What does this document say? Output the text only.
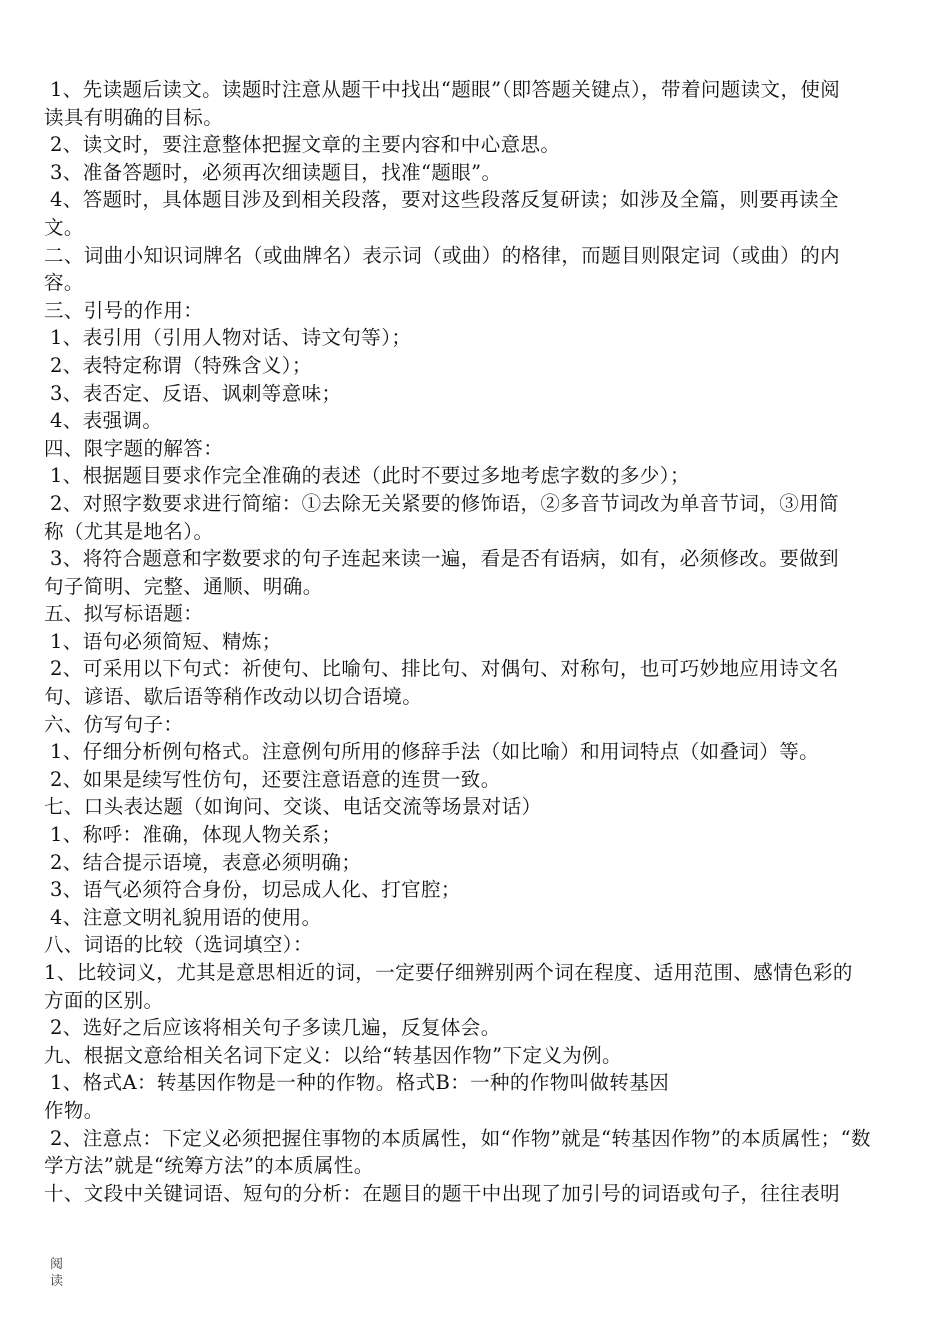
1、先读题后读文。读题时注意从题干中找出“题眼”（即答题关键点），带着问题读文，使阅
读具有明确的目标。
2、读文时，要注意整体把握文章的主要内容和中心意思。
3、准备答题时，必须再次细读题目，找准“题眼”。
4、答题时，具体题目涉及到相关段落，要对这些段落反复研读；如涉及全篇，则要再读全
文。
二、词曲小知识词牌名（或曲牌名）表示词（或曲）的格律，而题目则限定词（或曲）的内
容。
三、引号的作用：
1、表引用（引用人物对话、诗文句等）；
2、表特定称谓（特殊含义）；
3、表否定、反语、讽刺等意味；
4、表强调。
四、限字题的解答：
1、根据题目要求作完全准确的表述（此时不要过多地考虑字数的多少）；
2、对照字数要求进行简缩：①去除无关紧要的修饰语，②多音节词改为单音节词，③用简
称（尤其是地名）。
3、将符合题意和字数要求的句子连起来读一遍，看是否有语病，如有，必须修改。要做到
句子简明、完整、通顺、明确。
五、拟写标语题：
1、语句必须简短、精炼；
2、可采用以下句式：祈使句、比喻句、排比句、对偶句、对称句，也可巧妙地应用诗文名
句、谚语、歇后语等稍作改动以切合语境。
六、仿写句子：
1、仔细分析例句格式。注意例句所用的修辞手法（如比喻）和用词特点（如叠词）等。
2、如果是续写性仿句，还要注意语意的连贯一致。
七、口头表达题（如询问、交谈、电话交流等场景对话）
1、称呼：准确，体现人物关系；
2、结合提示语境，表意必须明确；
3、语气必须符合身份，切忌成人化、打官腔；
4、注意文明礼貌用语的使用。
八、词语的比较（选词填空）：
1、比较词义，尤其是意思相近的词，一定要仔细辨别两个词在程度、适用范围、感情色彩的
方面的区别。
2、选好之后应该将相关句子多读几遍，反复体会。
九、根据文意给相关名词下定义：以给“转基因作物”下定义为例。
1、格式A：转基因作物是一种的作物。格式B：一种的作物叫做转基因
作物。
2、注意点：下定义必须把握住事物的本质属性，如“作物”就是“转基因作物”的本质属性；“数
学方法”就是“统筹方法”的本质属性。
十、文段中关键词语、短句的分析：在题目的题干中出现了加引号的词语或句子，往往表明
阅
读
